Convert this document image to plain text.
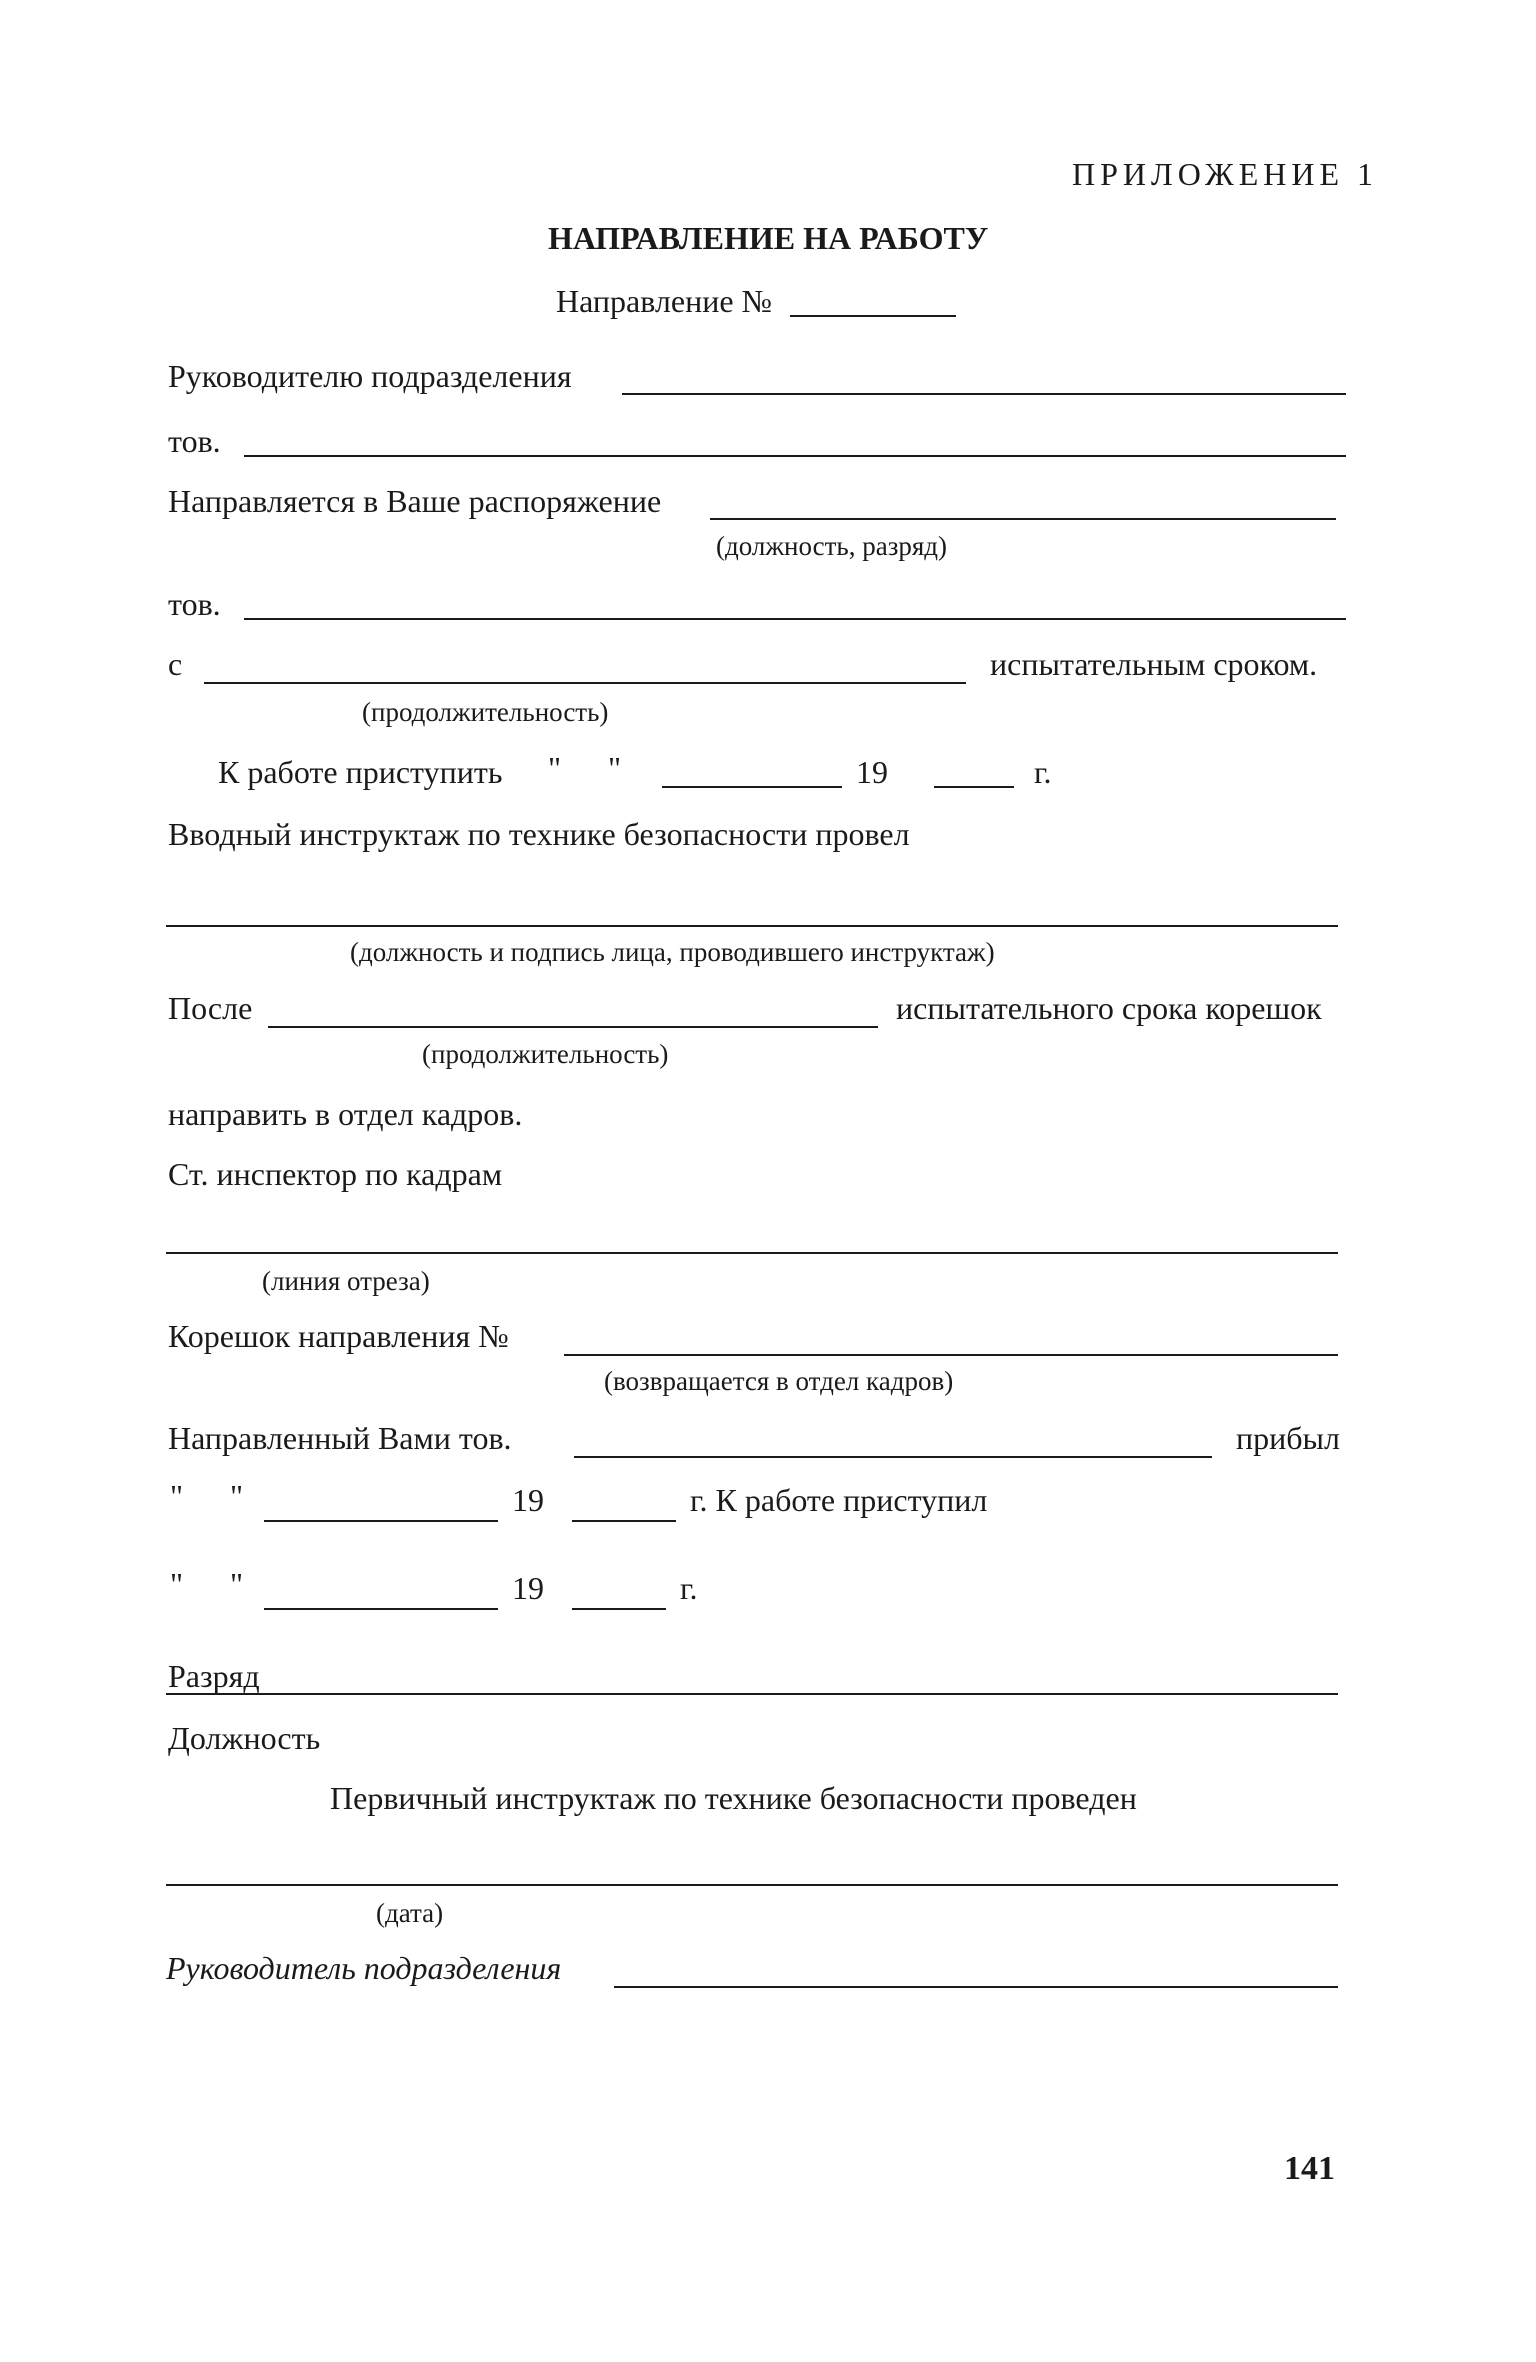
ПРИЛОЖЕНИЕ 1
НАПРАВЛЕНИЕ НА РАБОТУ
Направление №
Руководителю подразделения
тов.
Направляется в Ваше распоряжение
(должность, разряд)
тов.
с	испытательным сроком.
(продолжительность)
К работе приступить " "	19	г.
Вводный инструктаж по технике безопасности провел
(должность и подпись лица, проводившего инструктаж)
После	испытательного срока корешок
(продолжительность)
направить в отдел кадров.
Ст. инспектор по кадрам
(линия отреза)
Корешок направления №
(возвращается в отдел кадров)
Направленный Вами тов.	прибыл
" "	19	г. К работе приступил
" "	19	г.
Разряд
Должность
Первичный инструктаж по технике безопасности проведен
(дата)
Руководитель подразделения
141
